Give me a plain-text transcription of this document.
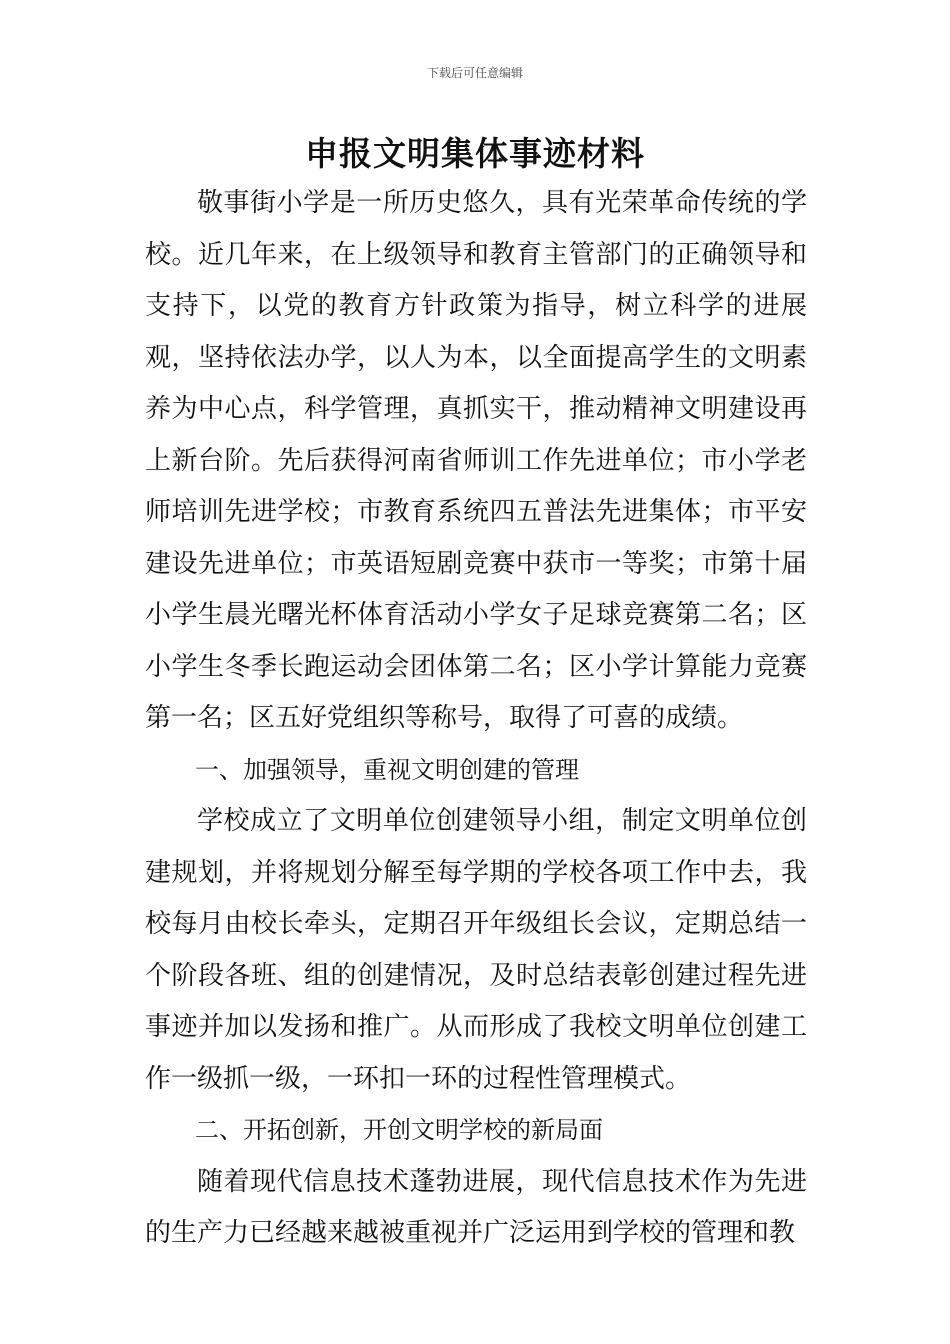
下载后可任意编辑
申报文明集体事迹材料

敬事街小学是一所历史悠久，具有光荣革命传统的学校。近几年来，在上级领导和教育主管部门的正确领导和支持下，以党的教育方针政策为指导，树立科学的进展观，坚持依法办学，以人为本，以全面提高学生的文明素养为中心点，科学管理，真抓实干，推动精神文明建设再上新台阶。先后获得河南省师训工作先进单位；市小学老师培训先进学校；市教育系统四五普法先进集体；市平安建设先进单位；市英语短剧竞赛中获市一等奖；市第十届小学生晨光曙光杯体育活动小学女子足球竞赛第二名；区小学生冬季长跑运动会团体第二名；区小学计算能力竞赛第一名；区五好党组织等称号，取得了可喜的成绩。

一、加强领导，重视文明创建的管理

学校成立了文明单位创建领导小组，制定文明单位创建规划，并将规划分解至每学期的学校各项工作中去，我校每月由校长牵头，定期召开年级组长会议，定期总结一个阶段各班、组的创建情况，及时总结表彰创建过程先进事迹并加以发扬和推广。从而形成了我校文明单位创建工作一级抓一级，一环扣一环的过程性管理模式。

二、开拓创新，开创文明学校的新局面

随着现代信息技术蓬勃进展，现代信息技术作为先进的生产力已经越来越被重视并广泛运用到学校的管理和教
